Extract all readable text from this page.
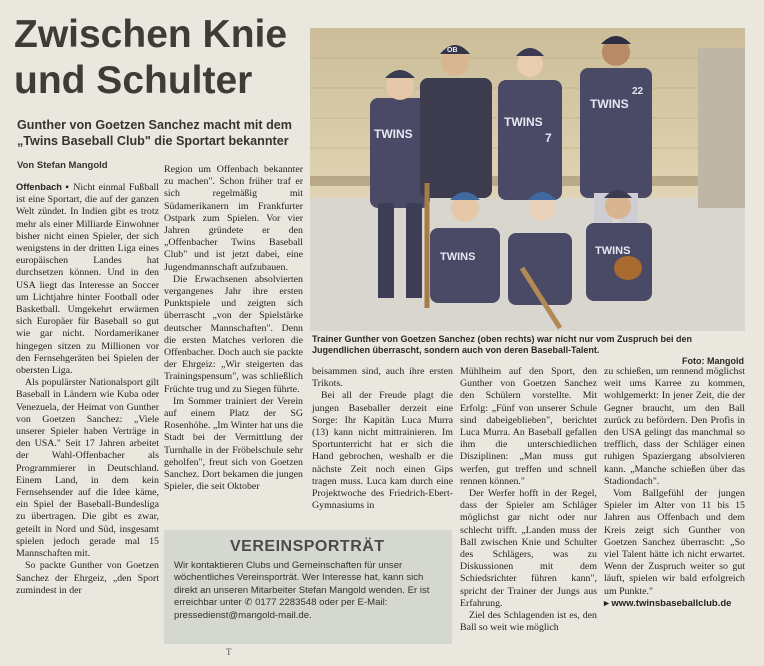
Zwischen Knie
und Schulter
Gunther von Goetzen Sanchez macht mit dem „Twins Baseball Club" die Sportart bekannter
Von Stefan Mangold

Offenbach ▪ Nicht einmal Fußball ist eine Sportart, die auf der ganzen Welt zündet. In Indien gibt es trotz mehr als einer Milliarde Einwohner bisher nicht einen Spieler, der sich wenigstens in der dritten Liga eines europäischen Landes hat durchsetzen können. Und in den USA liegt das Interesse an Soccer um Lichtjahre hinter Football oder Basketball. Umgekehrt erwärmen sich Europäer für Baseball so gut wie gar nicht. Nordamerikaner hingegen sitzen zu Millionen vor den Fernsehgeräten bei Spielen der obersten Liga.

Als populärster Nationalsport gilt Baseball in Ländern wie Kuba oder Venezuela, der Heimat von Gunther von Goetzen Sanchez: „Viele unserer Spieler haben Verträge in den USA." Seit 17 Jahren arbeitet der Wahl-Offenbacher als Programmierer in Deutschland. Einem Land, in dem kein Fernsehsender auf die Idee käme, ein Spiel der Baseball-Bundesliga zu übertragen. Die gibt es zwar, geteilt in Nord und Süd, insgesamt spielen jedoch gerade mal 15 Mannschaften mit.

So packte Gunther von Goetzen Sanchez der Ehrgeiz, „den Sport zumindest in der

Region um Offenbach bekannter zu machen". Schon früher traf er sich regelmäßig mit Südamerikanern im Frankfurter Ostpark zum Spielen. Vor vier Jahren gründete er den „Offenbacher Twins Baseball Club" und ist jetzt dabei, eine Jugendmannschaft aufzubauen.

Die Erwachsenen absolvierten vergangenes Jahr ihre ersten Punktspiele und zeigten sich überrascht „von der Spielstärke deutscher Mannschaften". Denn die ersten Matches verloren die Offenbacher. Doch auch sie packte der Ehrgeiz: „Wir steigerten das Trainingspensum", was schließlich Früchte trug und zu Siegen führte.

Im Sommer trainiert der Verein auf einem Platz der SG Rosenhöhe. „Im Winter hat uns die Stadt bei der Vermittlung der Turnhalle in der Fröbelschule sehr geholfen", freut sich von Goetzen Sanchez. Dort bekamen die jungen Spieler, die seit Oktober

TWINS
OB
TWINS
7
TWINS
22
TWINS	TWINS
Trainer Gunther von Goetzen Sanchez (oben rechts) war nicht nur vom Zuspruch bei den Jugendlichen überrascht, sondern auch von deren Baseball-Talent.
Foto: Mangold

beisammen sind, auch ihre ersten Trikots.

Bei all der Freude plagt die jungen Baseballer derzeit eine Sorge: Ihr Kapitän Luca Murra (13) kann nicht mittrainieren. Im Sportunterricht hat er sich die Hand gebrochen, weshalb er die nächste Zeit noch einen Gips tragen muss. Luca kam durch eine Projektwoche des Friedrich-Ebert-Gymnasiums in

Mühlheim auf den Sport, den Gunther von Goetzen Sanchez den Schülern vorstellte. Mit Erfolg: „Fünf von unserer Schule sind dabeigeblieben", berichtet Luca Murra. An Baseball gefallen ihm die unterschiedlichen Disziplinen: „Man muss gut werfen, gut treffen und schnell rennen können."

Der Werfer hofft in der Regel, dass der Spieler am Schläger möglichst gar nicht oder nur schlecht trifft. „Landen muss der Ball zwischen Knie und Schulter des Schlägers, was zu Diskussionen mit dem Schiedsrichter führen kann", spricht der Trainer der Jungs aus Erfahrung.

Ziel des Schlagenden ist es, den Ball so weit wie möglich

zu schießen, um rennend möglichst weit ums Karree zu kommen, wohlgemerkt: In jener Zeit, die der Gegner braucht, um den Ball zurück zu befördern. Den Profis in den USA gelingt das manchmal so trefflich, dass der Schläger einen ruhigen Spaziergang absolvieren kann. „Manche schießen über das Stadiondach".

Vom Ballgefühl der jungen Spieler im Alter von 11 bis 15 Jahren aus Offenbach und dem Kreis zeigt sich Gunther von Goetzen Sanchez überrascht: „So viel Talent hätte ich nicht erwartet. Wenn der Zuspruch weiter so gut läuft, spielen wir bald erfolgreich um Punkte."

▸ www.twinsbaseballclub.de

VEREINSPORTRÄT
Wir kontaktieren Clubs und Gemeinschaften für unser wöchentliches Vereinsporträt. Wer Interesse hat, kann sich direkt an unseren Mitarbeiter Stefan Mangold wenden. Er ist erreichbar unter ✆ 0177 2283548 oder per E-Mail: pressedienst@mangold-mail.de.
T
